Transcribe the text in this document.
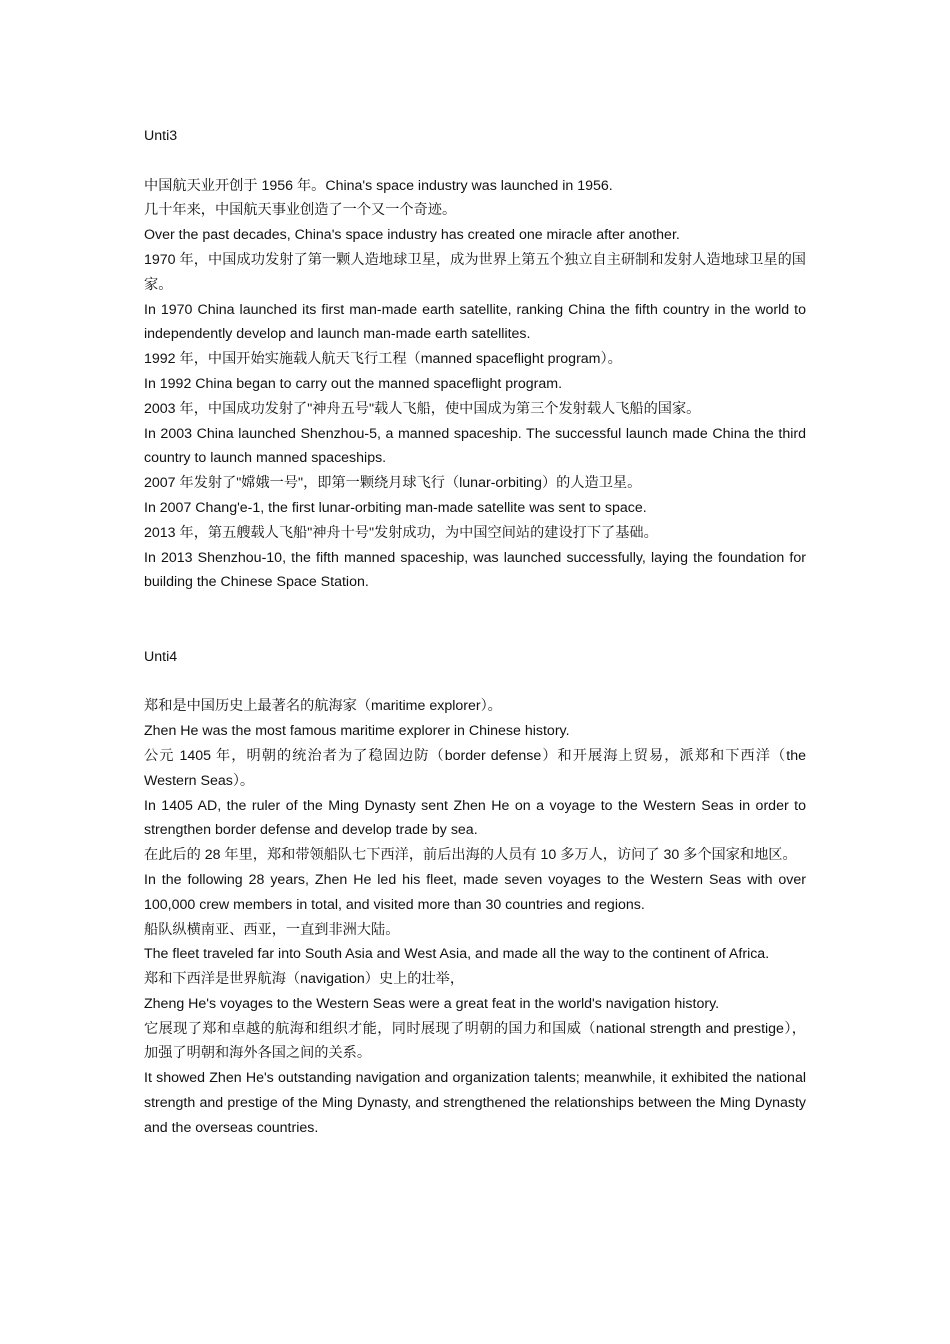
Unti3

中国航天业开创于 1956 年。China's space industry was launched in 1956.

几十年来，中国航天事业创造了一个又一个奇迹。

Over the past decades, China's space industry has created one miracle after another.

1970 年，中国成功发射了第一颗人造地球卫星，成为世界上第五个独立自主研制和发射人造地球卫星的国家。

In 1970 China launched its first man-made earth satellite, ranking China the fifth country in the world to independently develop and launch man-made earth satellites.

1992 年，中国开始实施载人航天飞行工程（manned spaceflight program）。

In 1992 China began to carry out the manned spaceflight program.

2003 年，中国成功发射了"神舟五号"载人飞船，使中国成为第三个发射载人飞船的国家。

In 2003 China launched Shenzhou-5, a manned spaceship. The successful launch made China the third country to launch manned spaceships.

2007 年发射了"嫦娥一号"，即第一颗绕月球飞行（lunar-orbiting）的人造卫星。

In 2007 Chang'e-1, the first lunar-orbiting man-made satellite was sent to space.

2013 年，第五艘载人飞船"神舟十号"发射成功，为中国空间站的建设打下了基础。

In 2013 Shenzhou-10, the fifth manned spaceship, was launched successfully, laying the foundation for building the Chinese Space Station.

Unti4

郑和是中国历史上最著名的航海家（maritime explorer）。

Zhen He was the most famous maritime explorer in Chinese history.

公元 1405 年，明朝的统治者为了稳固边防（border defense）和开展海上贸易，派郑和下西洋（the Western Seas）。

In 1405 AD, the ruler of the Ming Dynasty sent Zhen He on a voyage to the Western Seas in order to strengthen border defense and develop trade by sea.

在此后的 28 年里，郑和带领船队七下西洋，前后出海的人员有 10 多万人，访问了 30 多个国家和地区。

In the following 28 years, Zhen He led his fleet, made seven voyages to the Western Seas with over 100,000 crew members in total, and visited more than 30 countries and regions.

船队纵横南亚、西亚，一直到非洲大陆。

The fleet traveled far into South Asia and West Asia, and made all the way to the continent of Africa.

郑和下西洋是世界航海（navigation）史上的壮举，

Zheng He's voyages to the Western Seas were a great feat in the world's navigation history.

它展现了郑和卓越的航海和组织才能，同时展现了明朝的国力和国威（national strength and prestige），加强了明朝和海外各国之间的关系。

It showed Zhen He's outstanding navigation and organization talents; meanwhile, it exhibited the national strength and prestige of the Ming Dynasty, and strengthened the relationships between the Ming Dynasty and the overseas countries.
